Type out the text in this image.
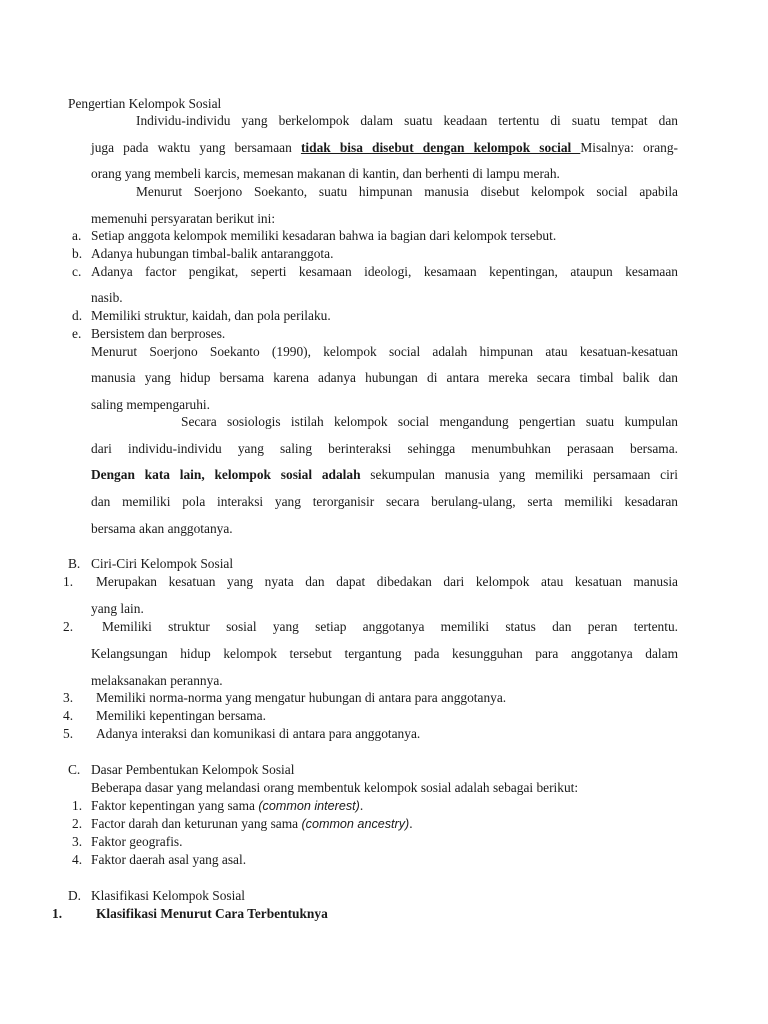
Pengertian Kelompok Sosial
Individu-individu yang berkelompok dalam suatu keadaan tertentu di suatu tempat dan
juga pada waktu yang bersamaan tidak bisa disebut dengan kelompok social Misalnya: orang-
orang yang membeli karcis, memesan makanan di kantin, dan berhenti di lampu merah.
Menurut Soerjono Soekanto, suatu himpunan manusia disebut kelompok social apabila
memenuhi persyaratan berikut ini:
a. Setiap anggota kelompok memiliki kesadaran bahwa ia bagian dari kelompok tersebut.
b. Adanya hubungan timbal-balik antaranggota.
c. Adanya factor pengikat, seperti kesamaan ideologi, kesamaan kepentingan, ataupun kesamaan
nasib.
d. Memiliki struktur, kaidah, dan pola perilaku.
e. Bersistem dan berproses.
Menurut Soerjono Soekanto (1990), kelompok social adalah himpunan atau kesatuan-kesatuan
manusia yang hidup bersama karena adanya hubungan di antara mereka secara timbal balik dan
saling mempengaruhi.
Secara sosiologis istilah kelompok social mengandung pengertian suatu kumpulan
dari individu-individu yang saling berinteraksi sehingga menumbuhkan perasaan bersama.
Dengan kata lain, kelompok sosial adalah sekumpulan manusia yang memiliki persamaan ciri
dan memiliki pola interaksi yang terorganisir secara berulang-ulang, serta memiliki kesadaran
bersama akan anggotanya.
B. Ciri-Ciri Kelompok Sosial
1. Merupakan kesatuan yang nyata dan dapat dibedakan dari kelompok atau kesatuan manusia
yang lain.
2. Memiliki struktur sosial yang setiap anggotanya memiliki status dan peran tertentu.
Kelangsungan hidup kelompok tersebut tergantung pada kesungguhan para anggotanya dalam
melaksanakan perannya.
3. Memiliki norma-norma yang mengatur hubungan di antara para anggotanya.
4. Memiliki kepentingan bersama.
5. Adanya interaksi dan komunikasi di antara para anggotanya.
C. Dasar Pembentukan Kelompok Sosial
Beberapa dasar yang melandasi orang membentuk kelompok sosial adalah sebagai berikut:
1. Faktor kepentingan yang sama (common interest).
2. Factor darah dan keturunan yang sama (common ancestry).
3. Faktor geografis.
4. Faktor daerah asal yang asal.
D. Klasifikasi Kelompok Sosial
1.	Klasifikasi Menurut Cara Terbentuknya
